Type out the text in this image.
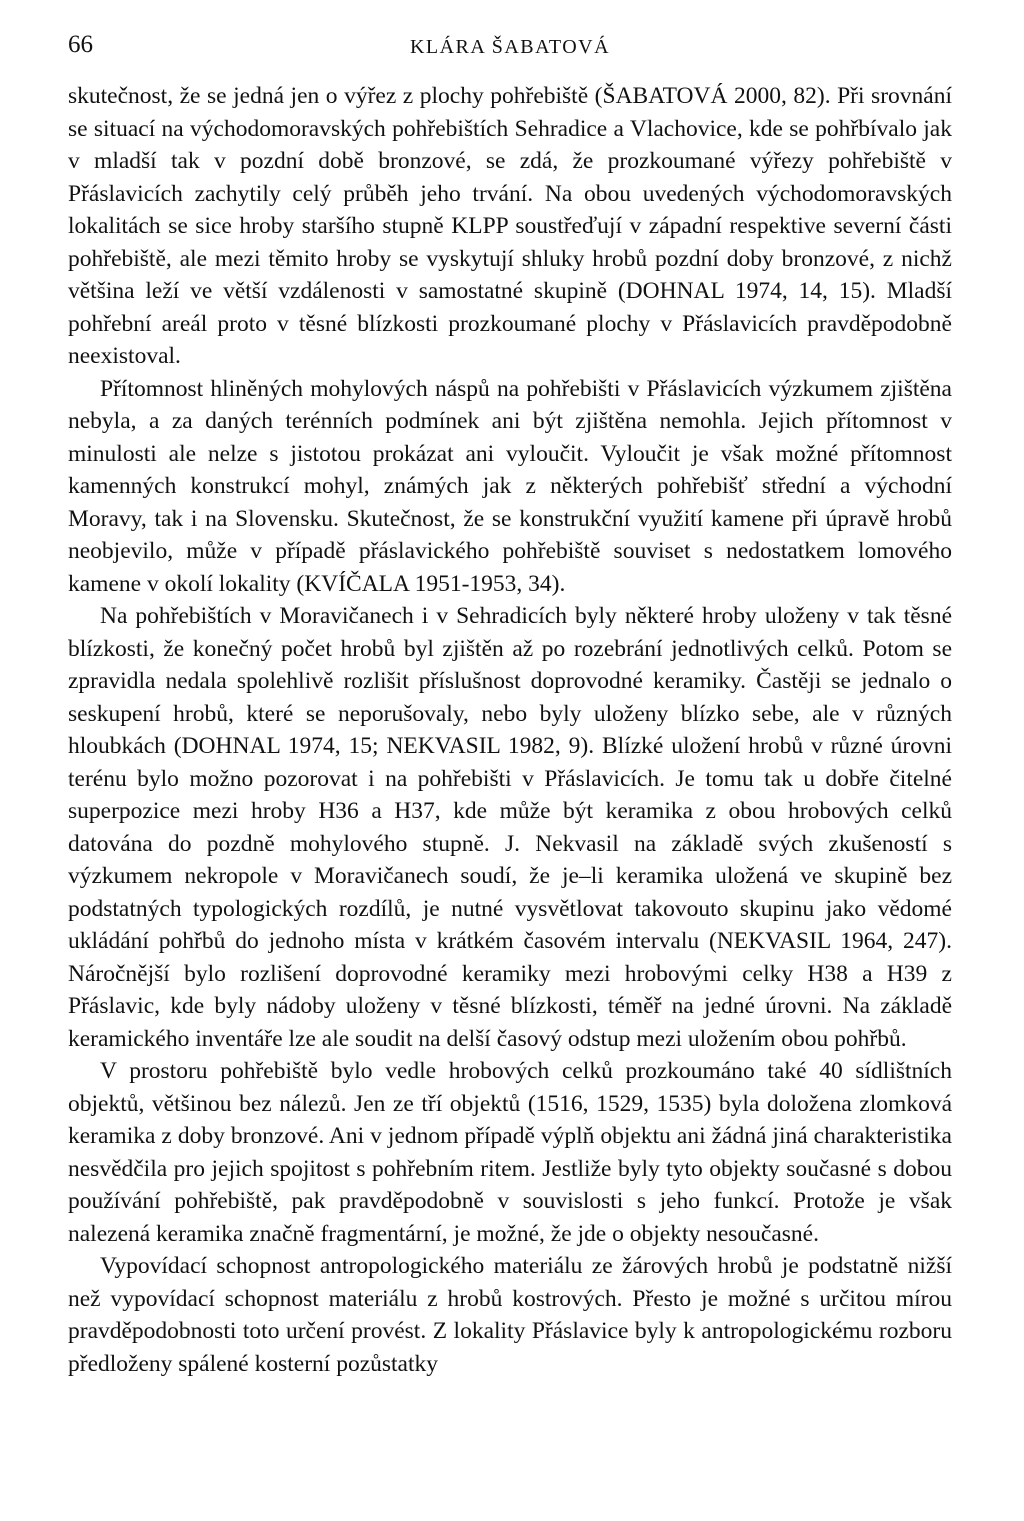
66	KLÁRA ŠABATOVÁ

skutečnost, že se jedná jen o výřez z plochy pohřebiště (ŠABATOVÁ 2000, 82). Při srovnání se situací na východomoravských pohřebištích Sehradice a Vlachovice, kde se pohřbívalo jak v mladší tak v pozdní době bronzové, se zdá, že prozkoumané výřezy pohřebiště v Přáslavicích zachytily celý průběh jeho trvání. Na obou uvedených východomoravských lokalitách se sice hroby staršího stupně KLPP soustřeďují v západní respektive severní části pohřebiště, ale mezi těmito hroby se vyskytují shluky hrobů pozdní doby bronzové, z nichž většina leží ve větší vzdálenosti v samostatné skupině (DOHNAL 1974, 14, 15). Mladší pohřební areál proto v těsné blízkosti prozkoumané plochy v Přáslavicích pravděpodobně neexistoval.

Přítomnost hliněných mohylových náspů na pohřebišti v Přáslavicích výzkumem zjištěna nebyla, a za daných terénních podmínek ani být zjištěna nemohla. Jejich přítomnost v minulosti ale nelze s jistotou prokázat ani vyloučit. Vyloučit je však možné přítomnost kamenných konstrukcí mohyl, známých jak z některých pohřebišť střední a východní Moravy, tak i na Slovensku. Skutečnost, že se konstrukční využití kamene při úpravě hrobů neobjevilo, může v případě přáslavického pohřebiště souviset s nedostatkem lomového kamene v okolí lokality (KVÍČALA 1951-1953, 34).

Na pohřebištích v Moravičanech i v Sehradicích byly některé hroby uloženy v tak těsné blízkosti, že konečný počet hrobů byl zjištěn až po rozebrání jednotlivých celků. Potom se zpravidla nedala spolehlivě rozlišit příslušnost doprovodné keramiky. Častěji se jednalo o seskupení hrobů, které se neporušovaly, nebo byly uloženy blízko sebe, ale v různých hloubkách (DOHNAL 1974, 15; NEKVASIL 1982, 9). Blízké uložení hrobů v různé úrovni terénu bylo možno pozorovat i na pohřebišti v Přáslavicích. Je tomu tak u dobře čitelné superpozice mezi hroby H36 a H37, kde může být keramika z obou hrobových celků datována do pozdně mohylového stupně. J. Nekvasil na základě svých zkušeností s výzkumem nekropole v Moravičanech soudí, že je–li keramika uložená ve skupině bez podstatných typologických rozdílů, je nutné vysvětlovat takovouto skupinu jako vědomé ukládání pohřbů do jednoho místa v krátkém časovém intervalu (NEKVASIL 1964, 247). Náročnější bylo rozlišení doprovodné keramiky mezi hrobovými celky H38 a H39 z Přáslavic, kde byly nádoby uloženy v těsné blízkosti, téměř na jedné úrovni. Na základě keramického inventáře lze ale soudit na delší časový odstup mezi uložením obou pohřbů.

V prostoru pohřebiště bylo vedle hrobových celků prozkoumáno také 40 sídlištních objektů, většinou bez nálezů. Jen ze tří objektů (1516, 1529, 1535) byla doložena zlomková keramika z doby bronzové. Ani v jednom případě výplň objektu ani žádná jiná charakteristika nesvědčila pro jejich spojitost s pohřebním ritem. Jestliže byly tyto objekty současné s dobou používání pohřebiště, pak pravděpodobně v souvislosti s jeho funkcí. Protože je však nalezená keramika značně fragmentární, je možné, že jde o objekty nesoučasné.

Vypovídací schopnost antropologického materiálu ze žárových hrobů je podstatně nižší než vypovídací schopnost materiálu z hrobů kostrových. Přesto je možné s určitou mírou pravděpodobnosti toto určení provést. Z lokality Přáslavice byly k antropologickému rozboru předloženy spálené kosterní pozůstatky
